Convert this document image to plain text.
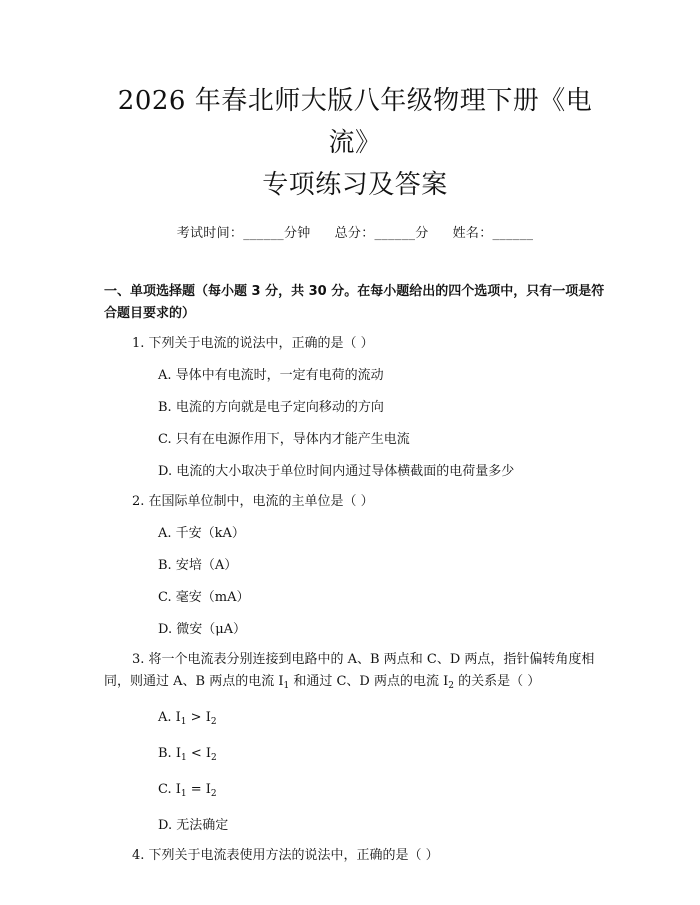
2026 年春北师大版八年级物理下册《电流》
专项练习及答案
考试时间：______分钟 总分：______分 姓名：______
一、单项选择题（每小题 3 分，共 30 分。在每小题给出的四个选项中，只有一项是符合题目要求的）
1. 下列关于电流的说法中，正确的是（ ）
A. 导体中有电流时，一定有电荷的流动
B. 电流的方向就是电子定向移动的方向
C. 只有在电源作用下，导体内才能产生电流
D. 电流的大小取决于单位时间内通过导体横截面的电荷量多少
2. 在国际单位制中，电流的主单位是（ ）
A. 千安（kA）
B. 安培（A）
C. 毫安（mA）
D. 微安（μA）
3. 将一个电流表分别连接到电路中的 A、B 两点和 C、D 两点，指针偏转角度相同，则通过 A、B 两点的电流 $I_1$ 和通过 C、D 两点的电流 $I_2$ 的关系是（ ）
A. $I_1 > I_2$
B. $I_1 < I_2$
C. $I_1 = I_2$
D. 无法确定
4. 下列关于电流表使用方法的说法中，正确的是（ ）
